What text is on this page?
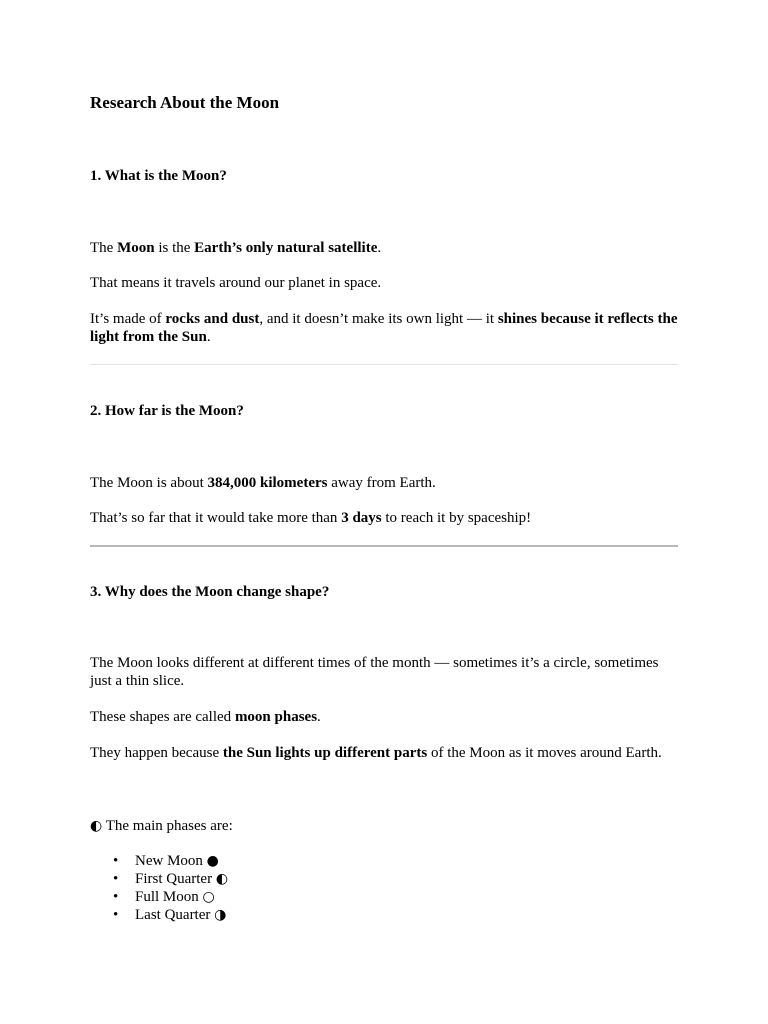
Research About the Moon
1. What is the Moon?

The Moon is the Earth’s only natural satellite.

That means it travels around our planet in space.

It’s made of rocks and dust, and it doesn’t make its own light — it shines because it reflects the light from the Sun.

2. How far is the Moon?

The Moon is about 384,000 kilometers away from Earth.

That’s so far that it would take more than 3 days to reach it by spaceship!

3. Why does the Moon change shape?

The Moon looks different at different times of the month — sometimes it’s a circle, sometimes just a thin slice.

These shapes are called moon phases.

They happen because the Sun lights up different parts of the Moon as it moves around Earth.

◐ The main phases are:

• New Moon ●
• First Quarter ◐
• Full Moon ○
• Last Quarter ◑
